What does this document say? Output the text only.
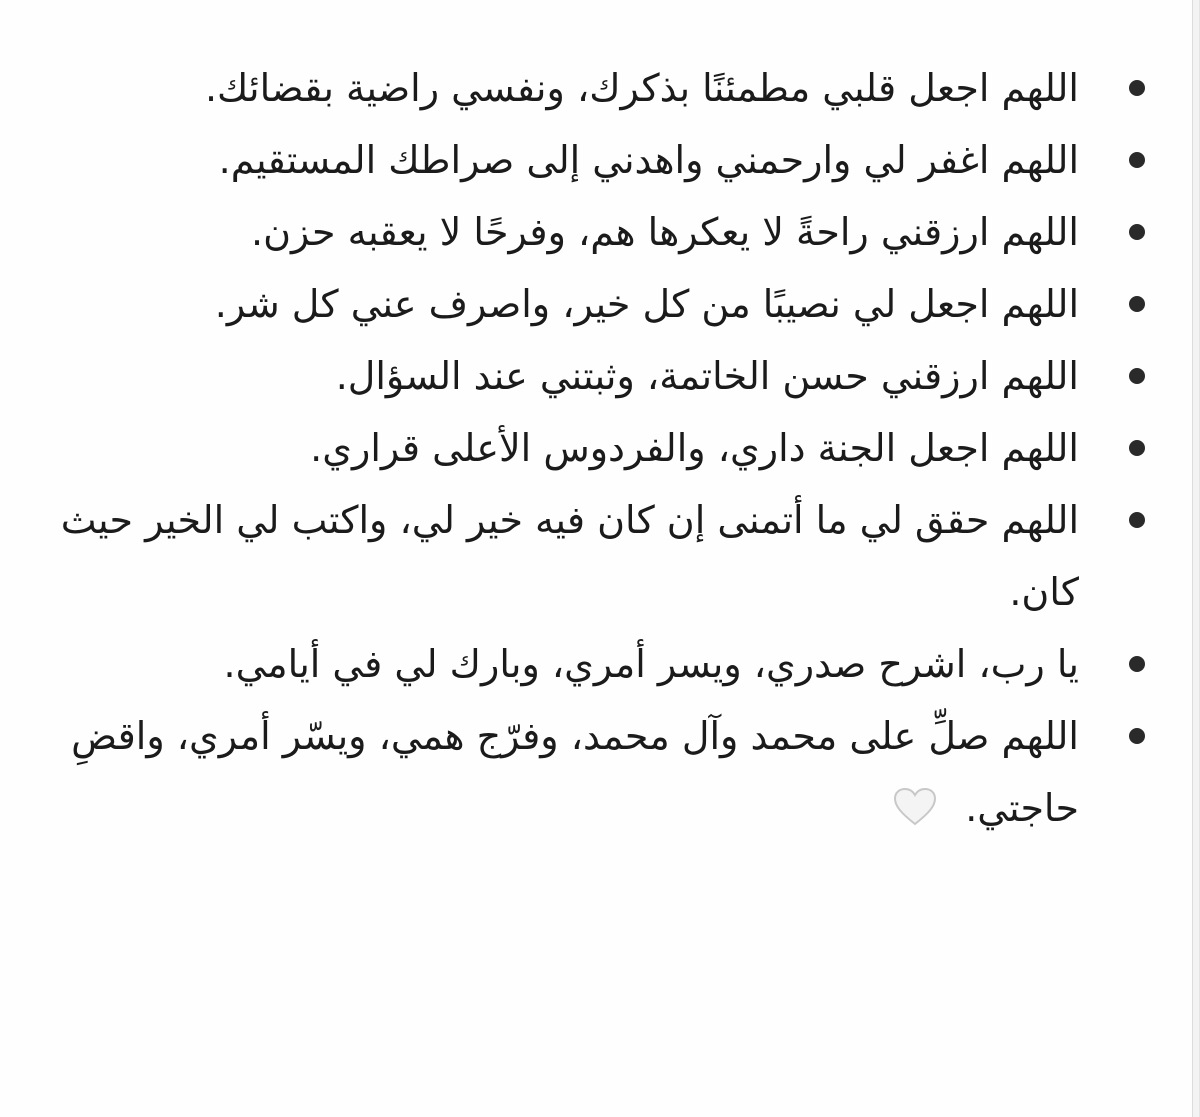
اللهم اجعل قلبي مطمئنًا بذكرك، ونفسي راضية بقضائك.
اللهم اغفر لي وارحمني واهدني إلى صراطك المستقيم.
اللهم ارزقني راحةً لا يعكرها هم، وفرحًا لا يعقبه حزن.
اللهم اجعل لي نصيبًا من كل خير، واصرف عني كل شر.
اللهم ارزقني حسن الخاتمة، وثبتني عند السؤال.
اللهم اجعل الجنة داري، والفردوس الأعلى قراري.
اللهم حقق لي ما أتمنى إن كان فيه خير لي، واكتب لي الخير حيث كان.
يا رب، اشرح صدري، ويسر أمري، وبارك لي في أيامي.
اللهم صلِّ على محمد وآل محمد، وفرّج همي، ويسّر أمري، واقضِ حاجتي.
